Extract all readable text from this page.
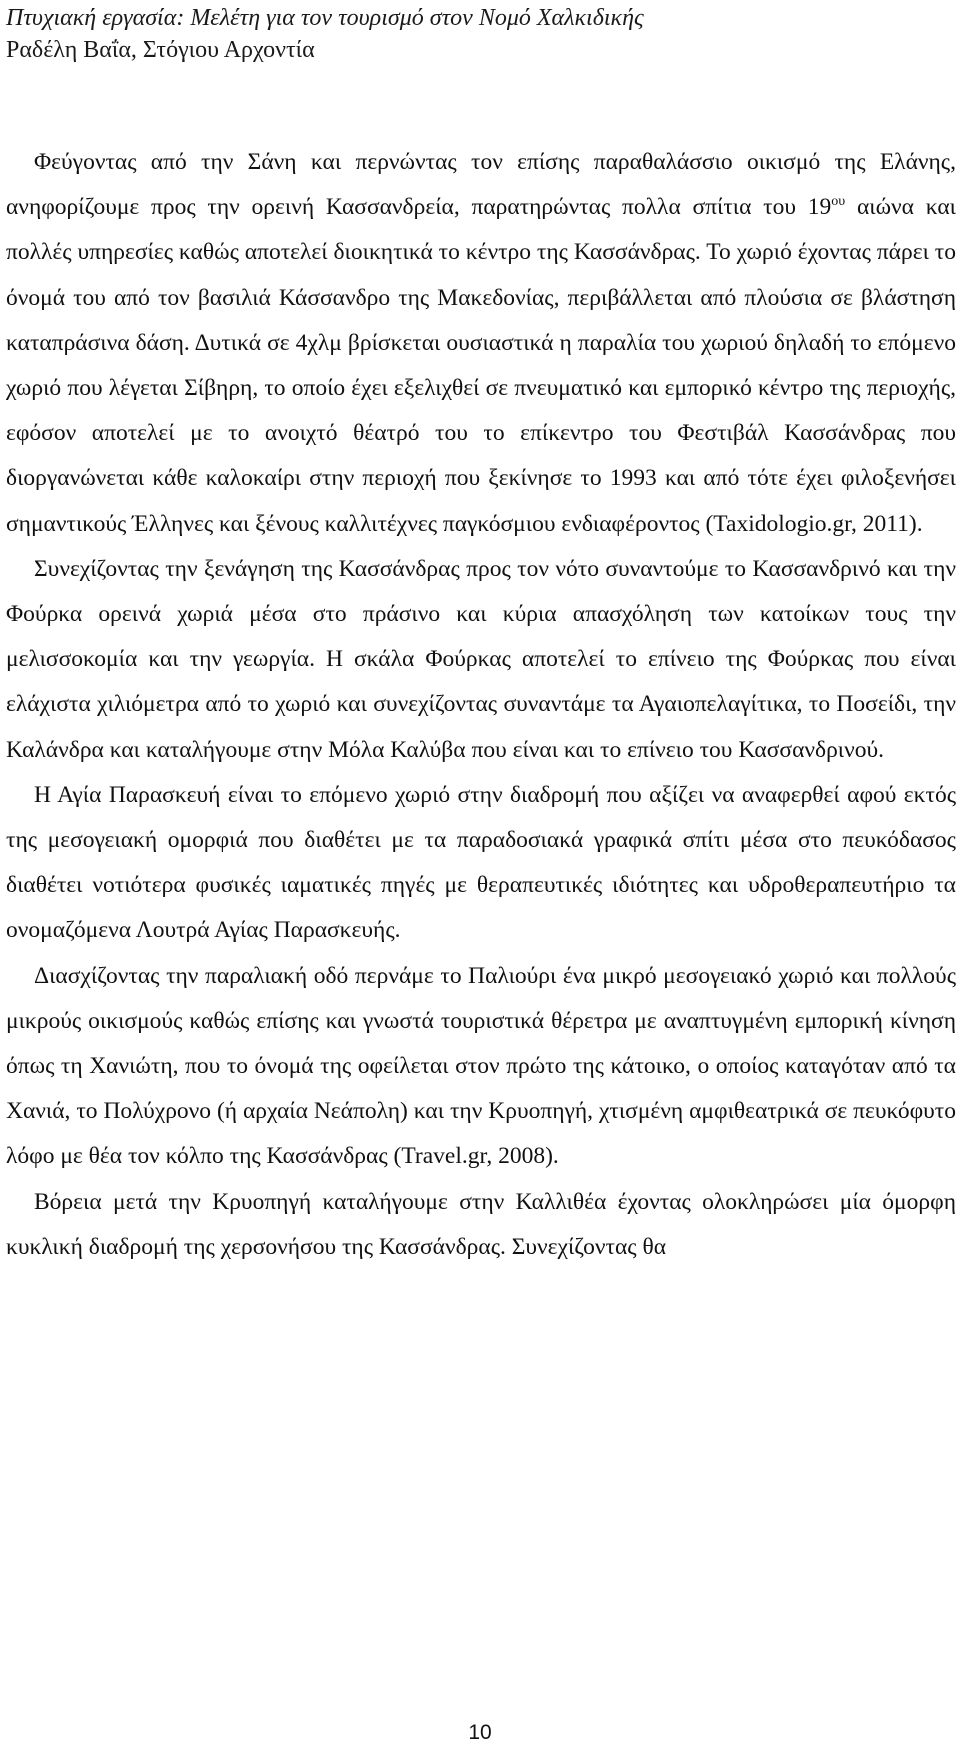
Πτυχιακή εργασία: Μελέτη για τον τουρισμό στον Νομό Χαλκιδικής

Ραδέλη Βαΐα, Στόγιου Αρχοντία

Φεύγοντας από την Σάνη και περνώντας τον επίσης παραθαλάσσιο οικισμό της Ελάνης, ανηφορίζουμε προς την ορεινή Κασσανδρεία, παρατηρώντας πολλα σπίτια του $19^{o\upsilon}$ αιώνα και πολλές υπηρεσίες καθώς αποτελεί διοικητικά το κέντρο της Κασσάνδρας. Το χωριό έχοντας πάρει το όνομά του από τον βασιλιά Κάσσανδρο της Μακεδονίας, περιβάλλεται από πλούσια σε βλάστηση καταπράσινα δάση. Δυτικά σε 4χλμ βρίσκεται ουσιαστικά η παραλία του χωριού δηλαδή το επόμενο χωριό που λέγεται Σίβηρη, το οποίο έχει εξελιχθεί σε πνευματικό και εμπορικό κέντρο της περιοχής, εφόσον αποτελεί με το ανοιχτό θέατρό του το επίκεντρο του Φεστιβάλ Κασσάνδρας που διοργανώνεται κάθε καλοκαίρι στην περιοχή που ξεκίνησε το 1993 και από τότε έχει φιλοξενήσει σημαντικούς Έλληνες και ξένους καλλιτέχνες παγκόσμιου ενδιαφέροντος (Taxidologio.gr, 2011).

Συνεχίζοντας την ξενάγηση της Κασσάνδρας προς τον νότο συναντούμε το Κασσανδρινό και την Φούρκα ορεινά χωριά μέσα στο πράσινο και κύρια απασχόληση των κατοίκων τους την μελισσοκομία και την γεωργία. Η σκάλα Φούρκας αποτελεί το επίνειο της Φούρκας που είναι ελάχιστα χιλιόμετρα από το χωριό και συνεχίζοντας συναντάμε τα Αγαιοπελαγίτικα, το Ποσείδι, την Καλάνδρα και καταλήγουμε στην Μόλα Καλύβα που είναι και το επίνειο του Κασσανδρινού.

Η Αγία Παρασκευή είναι το επόμενο χωριό στην διαδρομή που αξίζει να αναφερθεί αφού εκτός της μεσογειακή ομορφιά που διαθέτει με τα παραδοσιακά γραφικά σπίτι μέσα στο πευκόδασος διαθέτει νοτιότερα φυσικές ιαματικές πηγές με θεραπευτικές ιδιότητες και υδροθεραπευτήριο τα ονομαζόμενα Λουτρά Αγίας Παρασκευής.

Διασχίζοντας την παραλιακή οδό περνάμε το Παλιούρι ένα μικρό μεσογειακό χωριό και πολλούς μικρούς οικισμούς καθώς επίσης και γνωστά τουριστικά θέρετρα με αναπτυγμένη εμπορική κίνηση όπως τη Χανιώτη, που το όνομά της οφείλεται στον πρώτο της κάτοικο, ο οποίος καταγόταν από τα Χανιά, το Πολύχρονο (ή αρχαία Νεάπολη) και την Κρυοπηγή, χτισμένη αμφιθεατρικά σε πευκόφυτο λόφο με θέα τον κόλπο της Κασσάνδρας (Travel.gr, 2008).

Βόρεια μετά την Κρυοπηγή καταλήγουμε στην Καλλιθέα έχοντας ολοκληρώσει μία όμορφη κυκλική διαδρομή της χερσονήσου της Κασσάνδρας. Συνεχίζοντας θα

10
